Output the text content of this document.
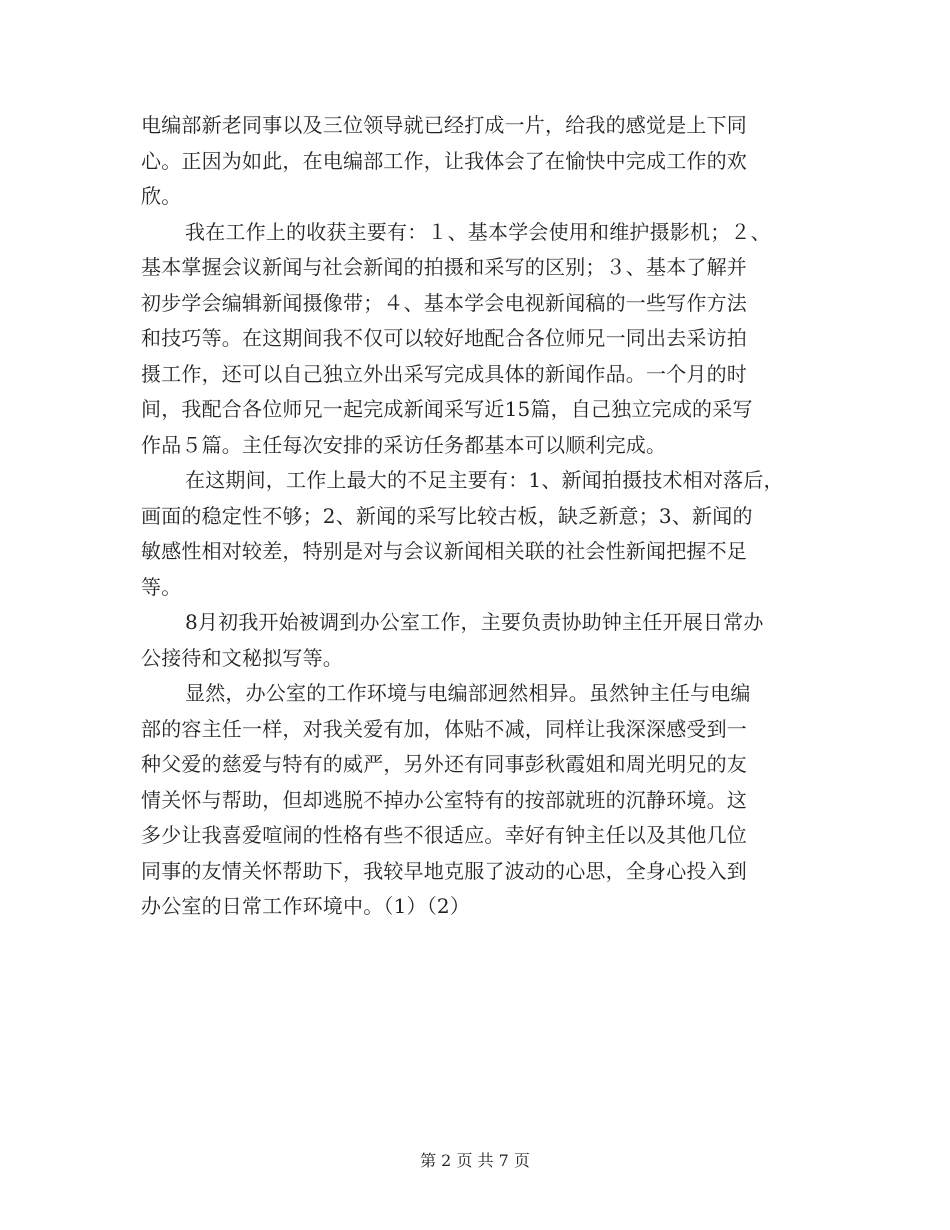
电编部新老同事以及三位领导就已经打成一片，给我的感觉是上下同
心。正因为如此，在电编部工作，让我体会了在愉快中完成工作的欢
欣。
我在工作上的收获主要有：１、基本学会使用和维护摄影机；２、
基本掌握会议新闻与社会新闻的拍摄和采写的区别；３、基本了解并
初步学会编辑新闻摄像带；４、基本学会电视新闻稿的一些写作方法
和技巧等。在这期间我不仅可以较好地配合各位师兄一同出去采访拍
摄工作，还可以自己独立外出采写完成具体的新闻作品。一个月的时
间，我配合各位师兄一起完成新闻采写近15篇，自己独立完成的采写
作品５篇。主任每次安排的采访任务都基本可以顺利完成。
在这期间，工作上最大的不足主要有：1、新闻拍摄技术相对落后，
画面的稳定性不够；2、新闻的采写比较古板，缺乏新意；3、新闻的
敏感性相对较差，特别是对与会议新闻相关联的社会性新闻把握不足
等。
8月初我开始被调到办公室工作，主要负责协助钟主任开展日常办
公接待和文秘拟写等。
显然，办公室的工作环境与电编部迥然相异。虽然钟主任与电编
部的容主任一样，对我关爱有加，体贴不减，同样让我深深感受到一
种父爱的慈爱与特有的威严，另外还有同事彭秋霞姐和周光明兄的友
情关怀与帮助，但却逃脱不掉办公室特有的按部就班的沉静环境。这
多少让我喜爱喧闹的性格有些不很适应。幸好有钟主任以及其他几位
同事的友情关怀帮助下，我较早地克服了波动的心思，全身心投入到
办公室的日常工作环境中。（1）（2）
第 2 页 共 7 页
